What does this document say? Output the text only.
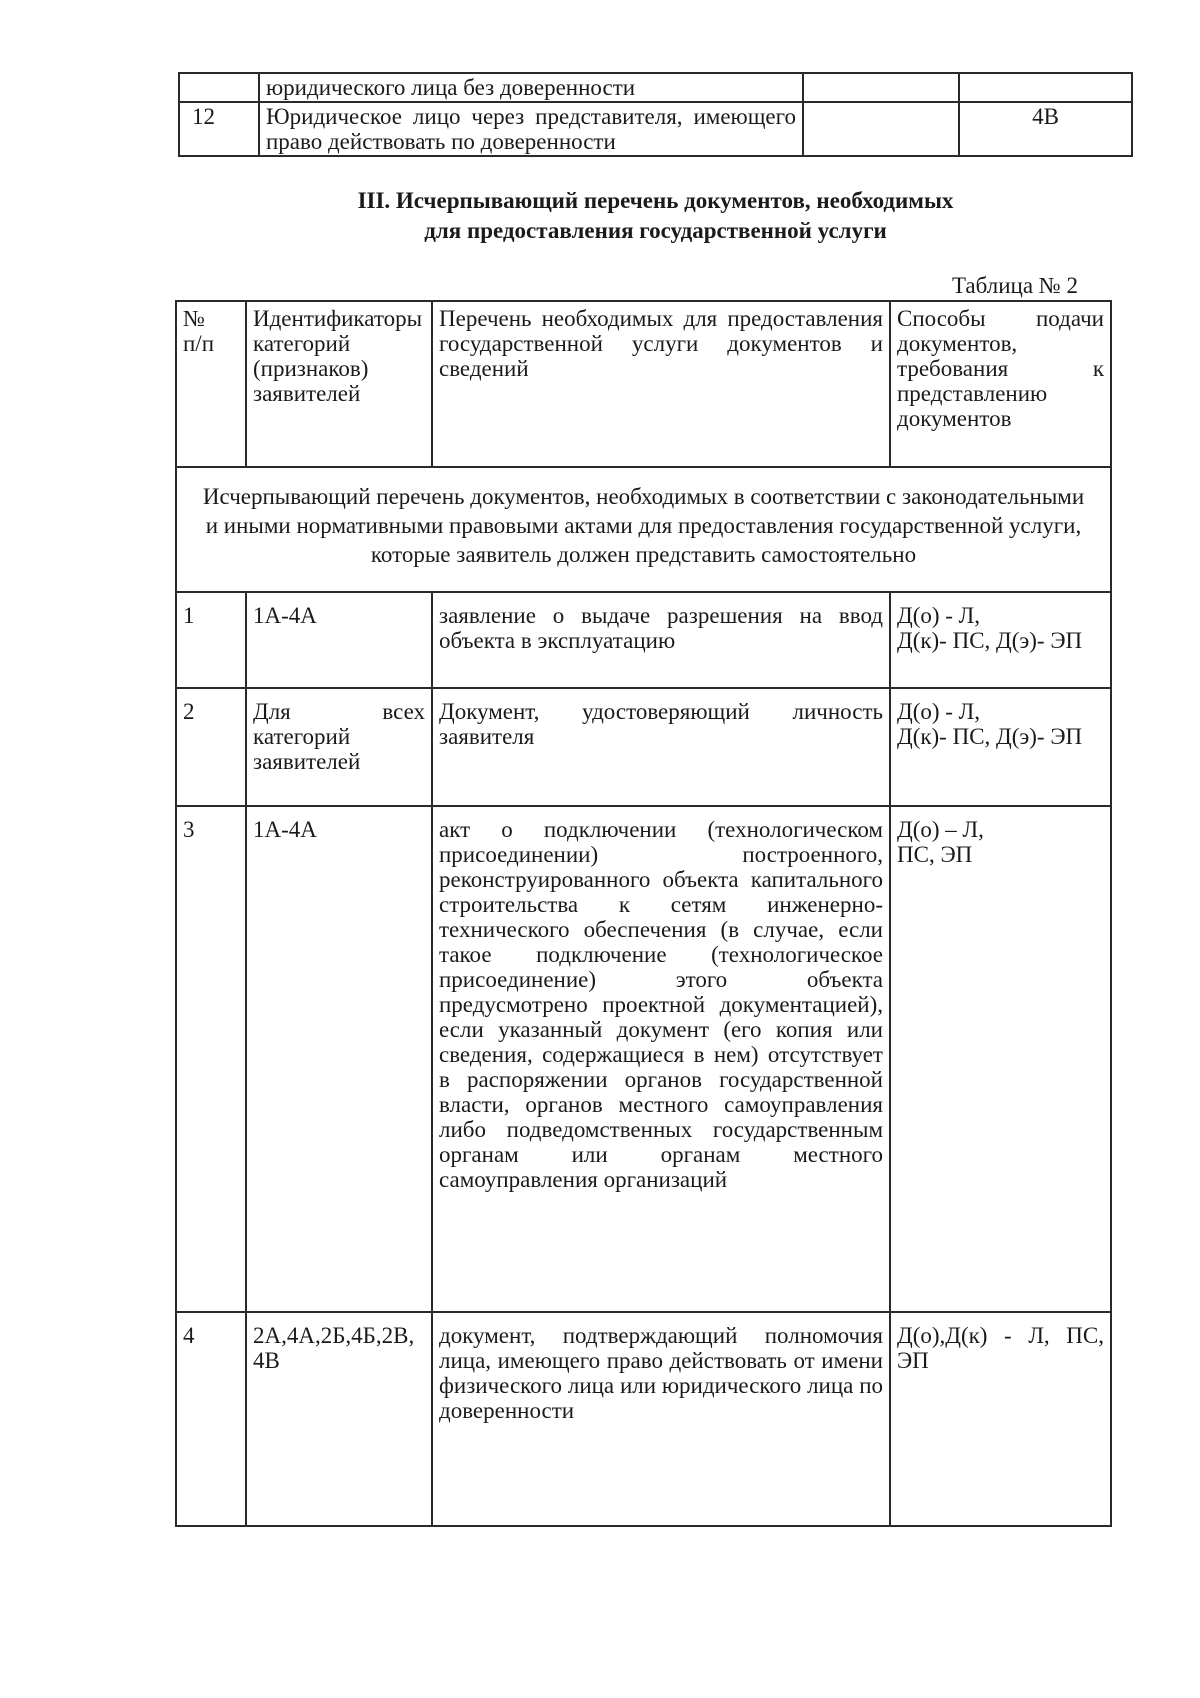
	юридического лица без доверенности		
12	Юридическое лицо через представителя, имеющего право действовать по доверенности		4В
III. Исчерпывающий перечень документов, необходимых
для предоставления государственной услуги
Таблица № 2
№
п/п	Идентификаторы категорий (признаков) заявителей	Перечень необходимых для предоставления государственной услуги документов и сведений	Способы подачи документов, требования к представлению документов
Исчерпывающий перечень документов, необходимых в соответствии с законодательными и иными нормативными правовыми актами для предоставления государственной услуги, которые заявитель должен представить самостоятельно			
1	1А-4А	заявление о выдаче разрешения на ввод объекта в эксплуатацию	Д(о) - Л,
Д(к)- ПС, Д(э)- ЭП
2	Для всех категорий заявителей	Документ, удостоверяющий личность заявителя	Д(о) - Л,
Д(к)- ПС, Д(э)- ЭП
3	1А-4А	акт о подключении (технологическом присоединении) построенного, реконструированного объекта капитального строительства к сетям инженерно-технического обеспечения (в случае, если такое подключение (технологическое присоединение) этого объекта предусмотрено проектной документацией), если указанный документ (его копия или сведения, содержащиеся в нем) отсутствует в распоряжении органов государственной власти, органов местного самоуправления либо подведомственных государственным органам или органам местного самоуправления организаций	Д(о) – Л,
ПС, ЭП
4	2А,4А,2Б,4Б,2В, 4В	документ, подтверждающий полномочия лица, имеющего право действовать от имени физического лица или юридического лица по доверенности	Д(о),Д(к) - Л, ПС, ЭП
